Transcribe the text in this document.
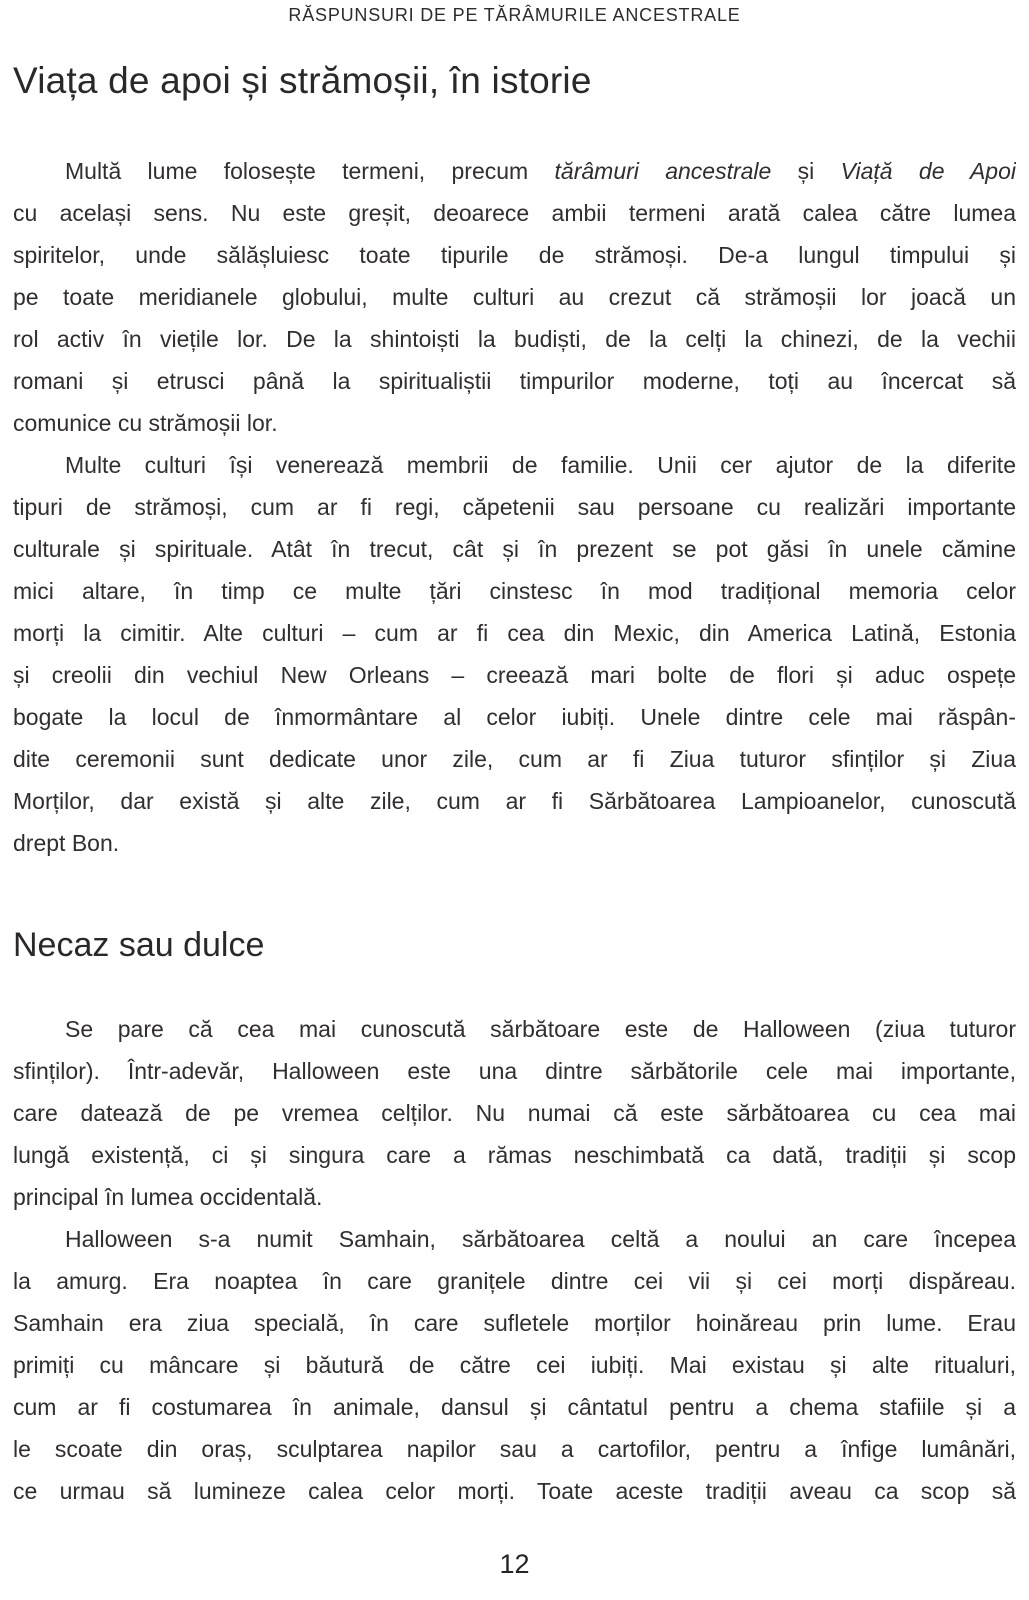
RĂSPUNSURI DE PE TĂRÂMURILE ANCESTRALE
Viața de apoi și strămoșii, în istorie
Multă lume folosește termeni, precum tărâmuri ancestrale și Viață de Apoi
cu același sens. Nu este greșit, deoarece ambii termeni arată calea către lumea
spiritelor, unde sălășluiesc toate tipurile de strămoși. De-a lungul timpului și
pe toate meridianele globului, multe culturi au crezut că strămoșii lor joacă un
rol activ în viețile lor. De la shintoiști la budiști, de la celți la chinezi, de la vechii
romani și etrusci până la spiritualiștii timpurilor moderne, toți au încercat să
comunice cu strămoșii lor.
Multe culturi își venerează membrii de familie. Unii cer ajutor de la diferite
tipuri de strămoși, cum ar fi regi, căpetenii sau persoane cu realizări importante
culturale și spirituale. Atât în trecut, cât și în prezent se pot găsi în unele cămine
mici altare, în timp ce multe țări cinstesc în mod tradițional memoria celor
morți la cimitir. Alte culturi – cum ar fi cea din Mexic, din America Latină, Estonia
și creolii din vechiul New Orleans – creează mari bolte de flori și aduc ospețe
bogate la locul de înmormântare al celor iubiți. Unele dintre cele mai răspân-
dite ceremonii sunt dedicate unor zile, cum ar fi Ziua tuturor sfinților și Ziua
Morților, dar există și alte zile, cum ar fi Sărbătoarea Lampioanelor, cunoscută
drept Bon.
Necaz sau dulce
Se pare că cea mai cunoscută sărbătoare este de Halloween (ziua tuturor
sfinților). Într-adevăr, Halloween este una dintre sărbătorile cele mai importante,
care datează de pe vremea celților. Nu numai că este sărbătoarea cu cea mai
lungă existență, ci și singura care a rămas neschimbată ca dată, tradiții și scop
principal în lumea occidentală.
Halloween s-a numit Samhain, sărbătoarea celtă a noului an care începea
la amurg. Era noaptea în care granițele dintre cei vii și cei morți dispăreau.
Samhain era ziua specială, în care sufletele morților hoinăreau prin lume. Erau
primiți cu mâncare și băutură de către cei iubiți. Mai existau și alte ritualuri,
cum ar fi costumarea în animale, dansul și cântatul pentru a chema stafiile și a
le scoate din oraș, sculptarea napilor sau a cartofilor, pentru a înfige lumânări,
ce urmau să lumineze calea celor morți. Toate aceste tradiții aveau ca scop să
12
